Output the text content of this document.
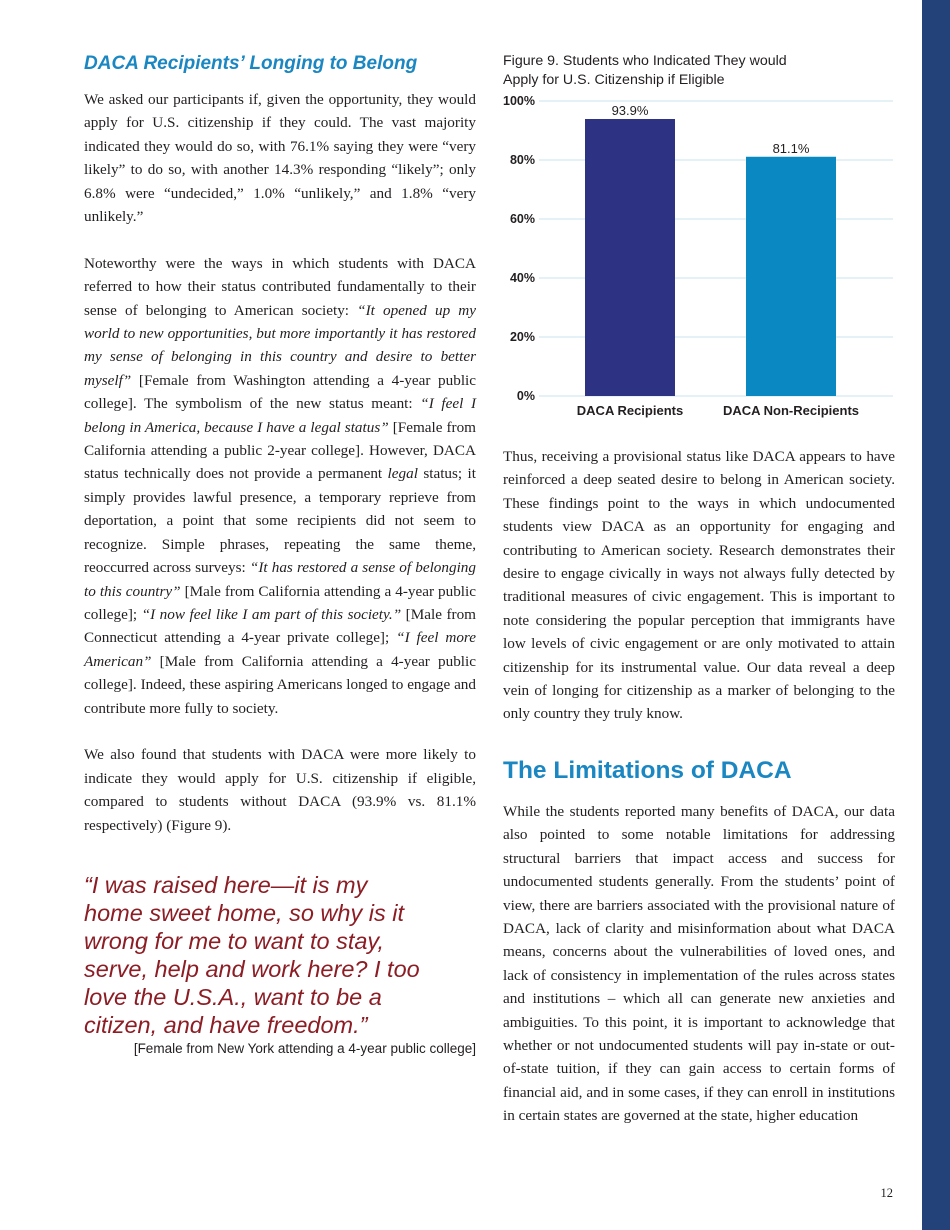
DACA Recipients’ Longing to Belong

We asked our participants if, given the opportunity, they would apply for U.S. citizenship if they could. The vast majority indicated they would do so, with 76.1% saying they were “very likely” to do so, with another 14.3% responding “likely”; only 6.8% were “undecided,” 1.0% “unlikely,” and 1.8% “very unlikely.”

Noteworthy were the ways in which students with DACA referred to how their status contributed fundamentally to their sense of belonging to American society: “It opened up my world to new opportunities, but more importantly it has restored my sense of belonging in this country and desire to better myself” [Female from Washington attending a 4-year public college]. The symbolism of the new status meant: “I feel I belong in America, because I have a legal status” [Female from California attending a public 2-year college]. However, DACA status technically does not provide a permanent legal status; it simply provides lawful presence, a temporary reprieve from deportation, a point that some recipients did not seem to recognize. Simple phrases, repeating the same theme, reoccurred across surveys: “It has restored a sense of belonging to this country” [Male from California attending a 4-year public college]; “I now feel like I am part of this society.” [Male from Connecticut attending a 4-year private college]; “I feel more American” [Male from California attending a 4-year public college]. Indeed, these aspiring Americans longed to engage and contribute more fully to society.

We also found that students with DACA were more likely to indicate they would apply for U.S. citizenship if eligible, compared to students without DACA (93.9% vs. 81.1% respectively) (Figure 9).

“I was raised here—it is my home sweet home, so why is it wrong for me to want to stay, serve, help and work here? I too love the U.S.A., want to be a citizen, and have freedom.”
[Female from New York attending a 4-year public college]

Figure 9. Students who Indicated They would Apply for U.S. Citizenship if Eligible

0%
20%
40%
60%
80%
100%
93.9%
DACA Recipients
81.1%
DACA Non-Recipients

Thus, receiving a provisional status like DACA appears to have reinforced a deep seated desire to belong in American society. These findings point to the ways in which undocumented students view DACA as an opportunity for engaging and contributing to American society. Research demonstrates their desire to engage civically in ways not always fully detected by traditional measures of civic engagement. This is important to note considering the popular perception that immigrants have low levels of civic engagement or are only motivated to attain citizenship for its instrumental value. Our data reveal a deep vein of longing for citizenship as a marker of belonging to the only country they truly know.

The Limitations of DACA

While the students reported many benefits of DACA, our data also pointed to some notable limitations for addressing structural barriers that impact access and success for undocumented students generally. From the students’ point of view, there are barriers associated with the provisional nature of DACA, lack of clarity and misinformation about what DACA means, concerns about the vulnerabilities of loved ones, and lack of consistency in implementation of the rules across states and institutions – which all can generate new anxieties and ambiguities. To this point, it is important to acknowledge that whether or not undocumented students will pay in-state or out-of-state tuition, if they can gain access to certain forms of financial aid, and in some cases, if they can enroll in institutions in certain states are governed at the state, higher education

12
